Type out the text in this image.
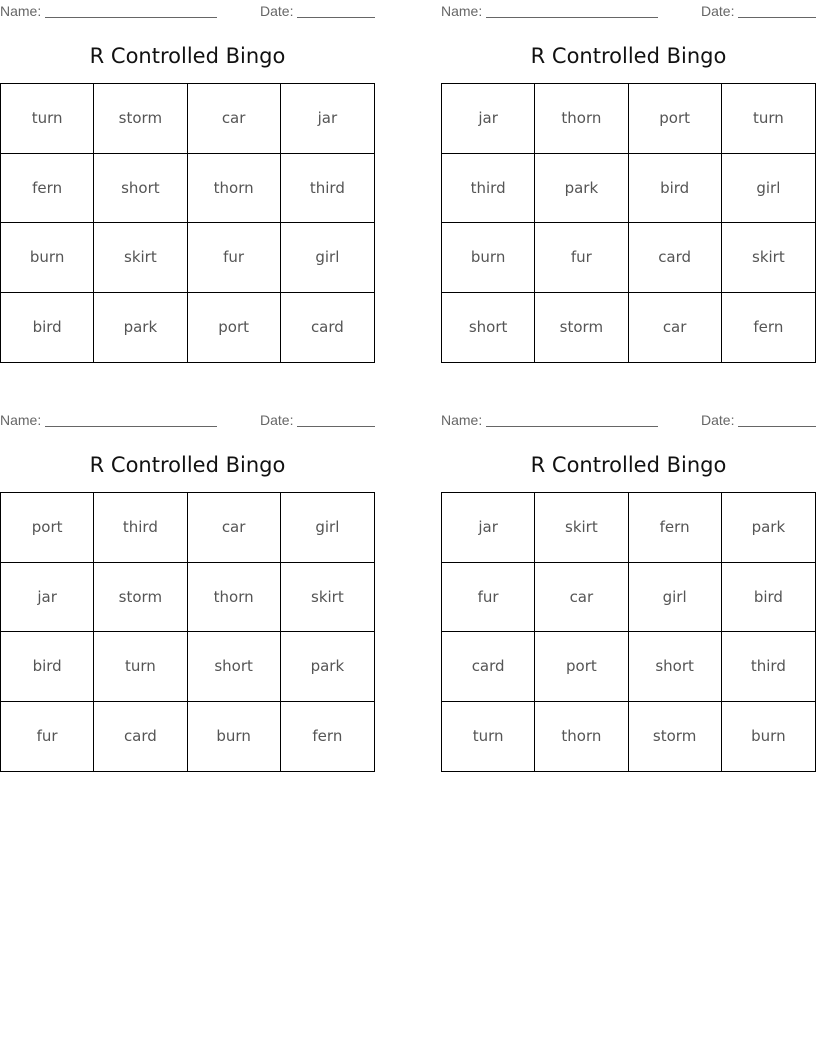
Name:	Date:
R Controlled Bingo
turn	storm	car	jar
fern	short	thorn	third
burn	skirt	fur	girl
bird	park	port	card
Name:	Date:
R Controlled Bingo
jar	thorn	port	turn
third	park	bird	girl
burn	fur	card	skirt
short	storm	car	fern
Name:	Date:
R Controlled Bingo
port	third	car	girl
jar	storm	thorn	skirt
bird	turn	short	park
fur	card	burn	fern
Name:	Date:
R Controlled Bingo
jar	skirt	fern	park
fur	car	girl	bird
card	port	short	third
turn	thorn	storm	burn
